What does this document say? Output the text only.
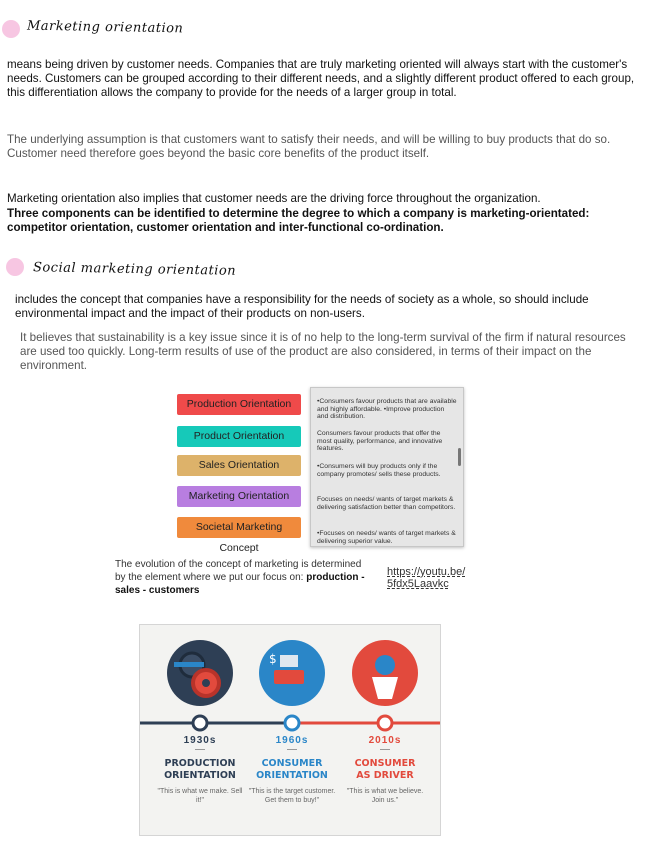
Marketing orientation

means being driven by customer needs. Companies that are truly marketing oriented will always start with the customer's needs. Customers can be grouped according to their different needs, and a slightly different product offered to each group, this differentiation allows the company to provide for the needs of a larger group in total.

The underlying assumption is that customers want to satisfy their needs, and will be willing to buy products that do so. Customer need therefore goes beyond the basic core benefits of the product itself.

Marketing orientation also implies that customer needs are the driving force throughout the organization.

Three components can be identified to determine the degree to which a company is marketing-orientated: competitor orientation, customer orientation and inter-functional co-ordination.

Social marketing orientation

includes the concept that companies have a responsibility for the needs of society as a whole, so should include environmental impact and the impact of their products on non-users.

It believes that sustainability is a key issue since it is of no help to the long-term survival of the firm if natural resources are used too quickly. Long-term results of use of the product are also considered, in terms of their impact on the environment.

Production Orientation
Product Orientation
Sales Orientation
Marketing Orientation
Societal Marketing Concept
•Consumers favour products that are available and highly affordable. •Improve production and distribution.
Consumers favour products that offer the most quality, performance, and innovative features.
•Consumers will buy products only if the company promotes/ sells these products.
Focuses on needs/ wants of target markets & delivering satisfaction better than competitors.
•Focuses on needs/ wants of target markets & delivering superior value.
The evolution of the concept of marketing is determined by the element where we put our focus on: production - sales - customers
https://youtu.be/
5fdx5Laavkc
$
1930s
PRODUCTION
ORIENTATION
"This is what we make. Sell it!"
1960s
CONSUMER
ORIENTATION
"This is the target customer. Get them to buy!"
2010s
CONSUMER
AS DRIVER
"This is what we believe. Join us."
